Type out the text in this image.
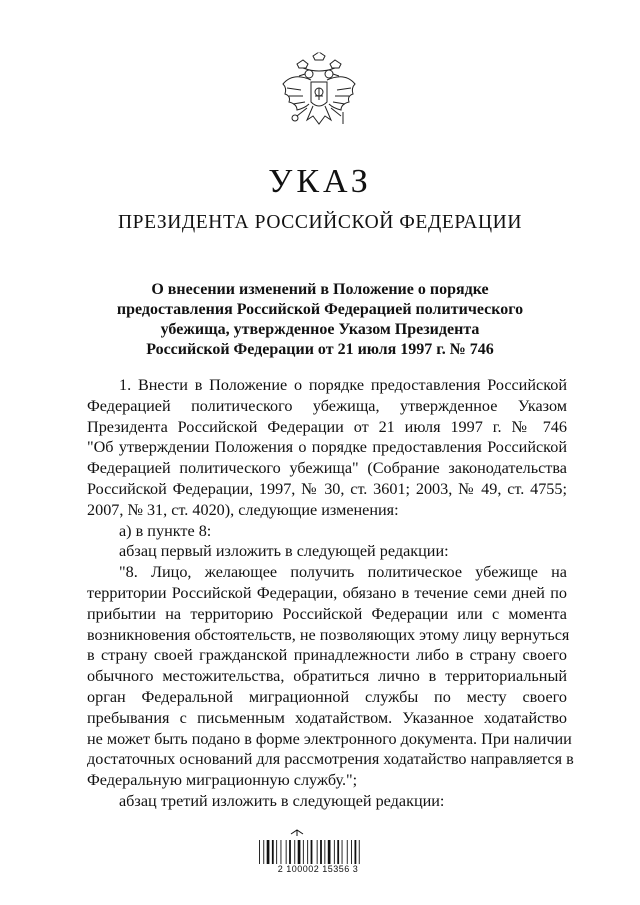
УКАЗ
ПРЕЗИДЕНТА РОССИЙСКОЙ ФЕДЕРАЦИИ
О внесении изменений в Положение о порядке
предоставления Российской Федерацией политического
убежища, утвержденное Указом Президента
Российской Федерации от 21 июля 1997 г. № 746
1. Внести в Положение о порядке предоставления Российской
Федерацией политического убежища, утвержденное Указом
Президента Российской Федерации от 21 июля 1997 г. № 746
"Об утверждении Положения о порядке предоставления Российской
Федерацией политического убежища" (Собрание законодательства
Российской Федерации, 1997, № 30, ст. 3601; 2003, № 49, ст. 4755;
2007, № 31, ст. 4020), следующие изменения:
а) в пункте 8:
абзац первый изложить в следующей редакции:
"8. Лицо, желающее получить политическое убежище на
территории Российской Федерации, обязано в течение семи дней по
прибытии на территорию Российской Федерации или с момента
возникновения обстоятельств, не позволяющих этому лицу вернуться
в страну своей гражданской принадлежности либо в страну своего
обычного местожительства, обратиться лично в территориальный
орган Федеральной миграционной службы по месту своего
пребывания с письменным ходатайством. Указанное ходатайство
не может быть подано в форме электронного документа. При наличии
достаточных оснований для рассмотрения ходатайство направляется в
Федеральную миграционную службу.";
абзац третий изложить в следующей редакции:
2 100002 15356 3
